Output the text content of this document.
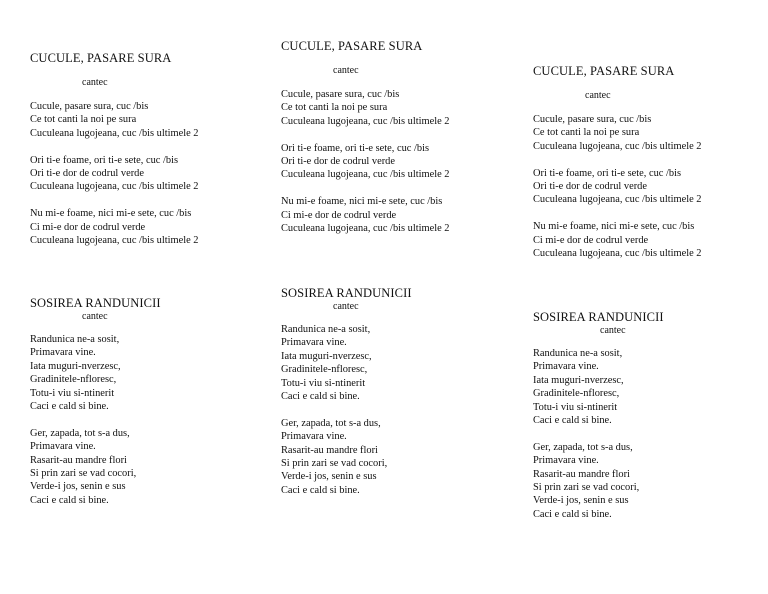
CUCULE, PASARE SURA
cantec
Cucule, pasare sura, cuc /bis
Ce tot canti la noi pe sura
Cuculeana lugojeana, cuc /bis ultimele 2
Ori ti-e foame, ori ti-e sete, cuc /bis
Ori ti-e dor de codrul verde
Cuculeana lugojeana, cuc /bis ultimele 2
Nu mi-e foame, nici mi-e sete, cuc /bis
Ci mi-e dor de codrul verde
Cuculeana lugojeana, cuc /bis ultimele 2
SOSIREA RANDUNICII
cantec
Randunica ne-a sosit,
Primavara vine.
Iata muguri-nverzesc,
Gradinitele-nfloresc,
Totu-i viu si-ntinerit
Caci e cald si bine.
Ger, zapada, tot s-a dus,
Primavara vine.
Rasarit-au mandre flori
Si prin zari se vad cocori,
Verde-i jos, senin e sus
Caci e cald si bine.
CUCULE, PASARE SURA
cantec
Cucule, pasare sura, cuc /bis
Ce tot canti la noi pe sura
Cuculeana lugojeana, cuc /bis ultimele 2
Ori ti-e foame, ori ti-e sete, cuc /bis
Ori ti-e dor de codrul verde
Cuculeana lugojeana, cuc /bis ultimele 2
Nu mi-e foame, nici mi-e sete, cuc /bis
Ci mi-e dor de codrul verde
Cuculeana lugojeana, cuc /bis ultimele 2
SOSIREA RANDUNICII
cantec
Randunica ne-a sosit,
Primavara vine.
Iata muguri-nverzesc,
Gradinitele-nfloresc,
Totu-i viu si-ntinerit
Caci e cald si bine.
Ger, zapada, tot s-a dus,
Primavara vine.
Rasarit-au mandre flori
Si prin zari se vad cocori,
Verde-i jos, senin e sus
Caci e cald si bine.
CUCULE, PASARE SURA
cantec
Cucule, pasare sura, cuc /bis
Ce tot canti la noi pe sura
Cuculeana lugojeana, cuc /bis ultimele 2
Ori ti-e foame, ori ti-e sete, cuc /bis
Ori ti-e dor de codrul verde
Cuculeana lugojeana, cuc /bis ultimele 2
Nu mi-e foame, nici mi-e sete, cuc /bis
Ci mi-e dor de codrul verde
Cuculeana lugojeana, cuc /bis ultimele 2
SOSIREA RANDUNICII
cantec
Randunica ne-a sosit,
Primavara vine.
Iata muguri-nverzesc,
Gradinitele-nfloresc,
Totu-i viu si-ntinerit
Caci e cald si bine.
Ger, zapada, tot s-a dus,
Primavara vine.
Rasarit-au mandre flori
Si prin zari se vad cocori,
Verde-i jos, senin e sus
Caci e cald si bine.
